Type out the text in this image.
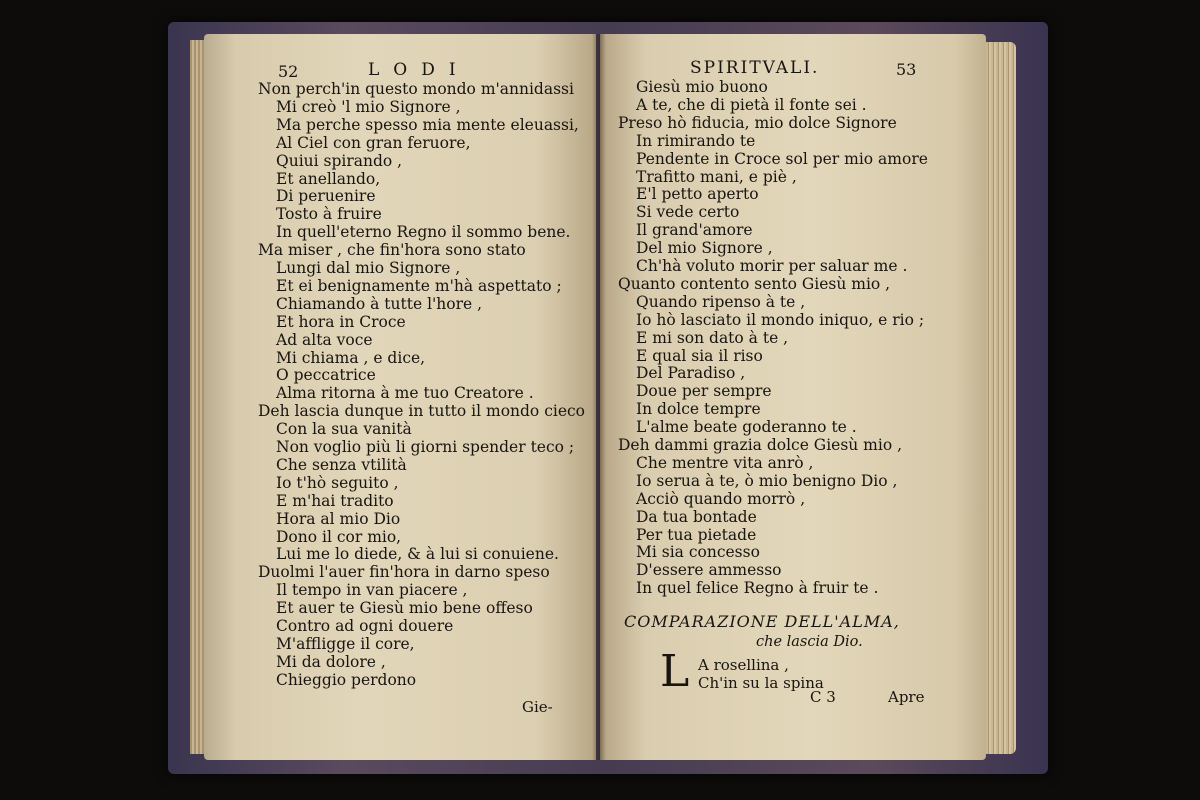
52	LODI
Non perch'in questo mondo m'annidassi
Mi creò 'l mio Signore ,
Ma perche spesso mia mente eleuassi,
Al Ciel con gran feruore,
Quiui spirando ,
Et anellando,
Di peruenire
Tosto à fruire
In quell'eterno Regno il sommo bene.
Ma miser , che fin'hora sono stato
Lungi dal mio Signore ,
Et ei benignamente m'hà aspettato ;
Chiamando à tutte l'hore ,
Et hora in Croce
Ad alta voce
Mi chiama , e dice,
O peccatrice
Alma ritorna à me tuo Creatore .
Deh lascia dunque in tutto il mondo cieco
Con la sua vanità
Non voglio più li giorni spender teco ;
Che senza vtilità
Io t'hò seguito ,
E m'hai tradito
Hora al mio Dio
Dono il cor mio,
Lui me lo diede, & à lui si conuiene.
Duolmi l'auer fin'hora in darno speso
Il tempo in van piacere ,
Et auer te Giesù mio bene offeso
Contro ad ogni douere
M'affligge il core,
Mi da dolore ,
Chieggio perdono
Gie-
SPIRITVALI.	53
Giesù mio buono
A te, che di pietà il fonte sei .
Preso hò fiducia, mio dolce Signore
In rimirando te
Pendente in Croce sol per mio amore
Trafitto mani, e piè ,
E'l petto aperto
Si vede certo
Il grand'amore
Del mio Signore ,
Ch'hà voluto morir per saluar me .
Quanto contento sento Giesù mio ,
Quando ripenso à te ,
Io hò lasciato il mondo iniquo, e rio ;
E mi son dato à te ,
E qual sia il riso
Del Paradiso ,
Doue per sempre
In dolce tempre
L'alme beate goderanno te .
Deh dammi grazia dolce Giesù mio ,
Che mentre vita anrò ,
Io serua à te, ò mio benigno Dio ,
Acciò quando morrò ,
Da tua bontade
Per tua pietade
Mi sia concesso
D'essere ammesso
In quel felice Regno à fruir te .
COMPARAZIONE DELL'ALMA,
che lascia Dio.
L A rosellina ,
Ch'in su la spina
C 3	Apre
